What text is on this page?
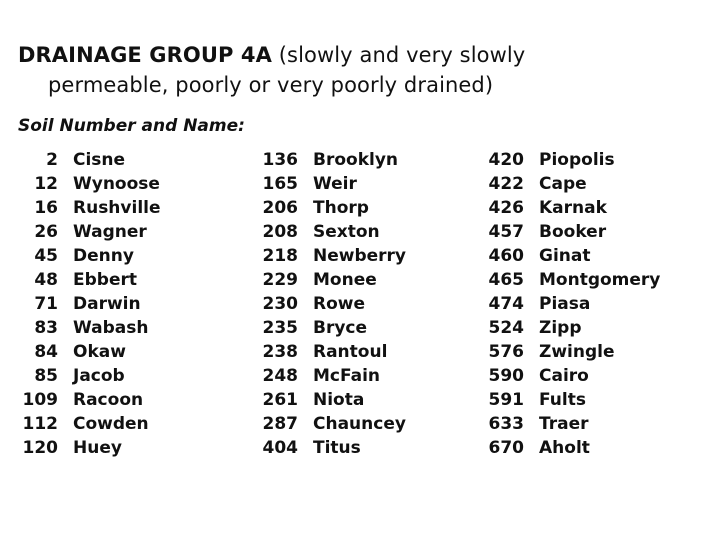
DRAINAGE GROUP 4A (slowly and very slowly
permeable, poorly or very poorly drained)
Soil Number and Name:
2 Cisne
12 Wynoose
16 Rushville
26 Wagner
45 Denny
48 Ebbert
71 Darwin
83 Wabash
84 Okaw
85 Jacob
109 Racoon
112 Cowden
120 Huey
136 Brooklyn
165 Weir
206 Thorp
208 Sexton
218 Newberry
229 Monee
230 Rowe
235 Bryce
238 Rantoul
248 McFain
261 Niota
287 Chauncey
404 Titus
420 Piopolis
422 Cape
426 Karnak
457 Booker
460 Ginat
465 Montgomery
474 Piasa
524 Zipp
576 Zwingle
590 Cairo
591 Fults
633 Traer
670 Aholt
